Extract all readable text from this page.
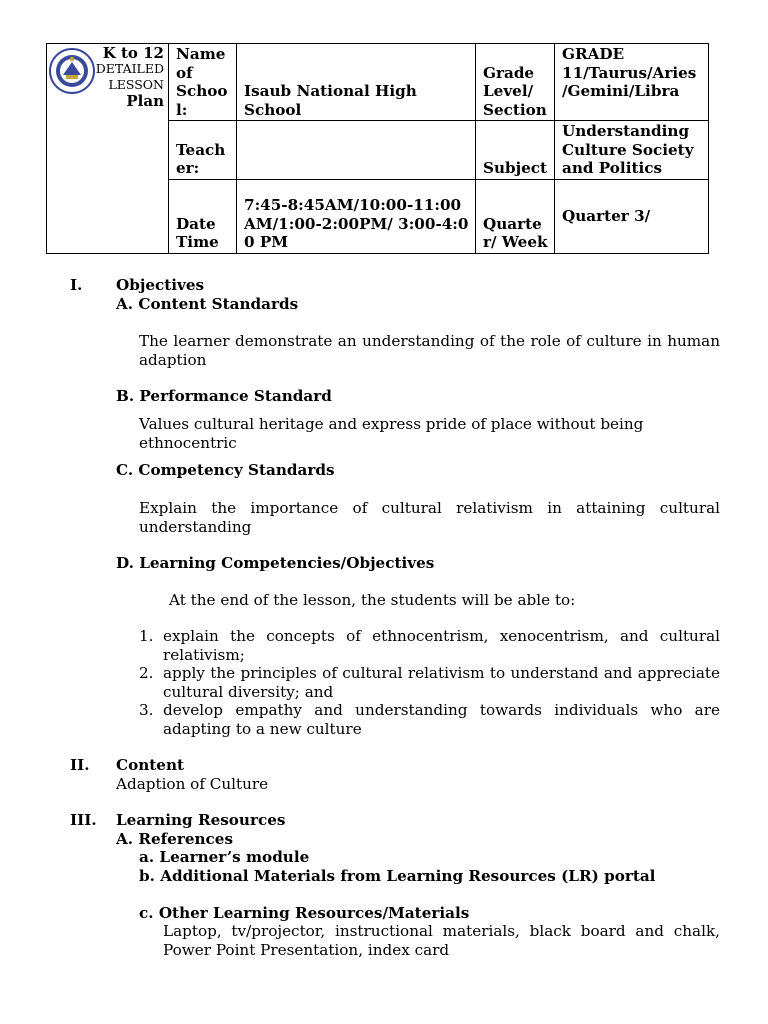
K to 12
DETAILED
LESSON
Plan	Name of Schoo l:	Isaub National High School	Grade Level/ Section	GRADE 11/Taurus/Aries /Gemini/Libra
	Teach er:		Subject	Understanding Culture Society and Politics
	Date Time	7:45-8:45AM/10:00-11:00AM/1:00-2:00PM/ 3:00-4:00 PM	Quarte r/ Week	Quarter 3/
I. Objectives
A. Content Standards
The learner demonstrate an understanding of the role of culture in human adaption
B. Performance Standard
Values cultural heritage and express pride of place without being ethnocentric
C. Competency Standards
Explain the importance of cultural relativism in attaining cultural understanding
D. Learning Competencies/Objectives
At the end of the lesson, the students will be able to:
1. explain the concepts of ethnocentrism, xenocentrism, and cultural relativism;
2. apply the principles of cultural relativism to understand and appreciate cultural diversity; and
3. develop empathy and understanding towards individuals who are adapting to a new culture
II. Content
Adaption of Culture
III. Learning Resources
A. References
a. Learner’s module
b. Additional Materials from Learning Resources (LR) portal
c. Other Learning Resources/Materials
Laptop, tv/projector, instructional materials, black board and chalk, Power Point Presentation, index card
